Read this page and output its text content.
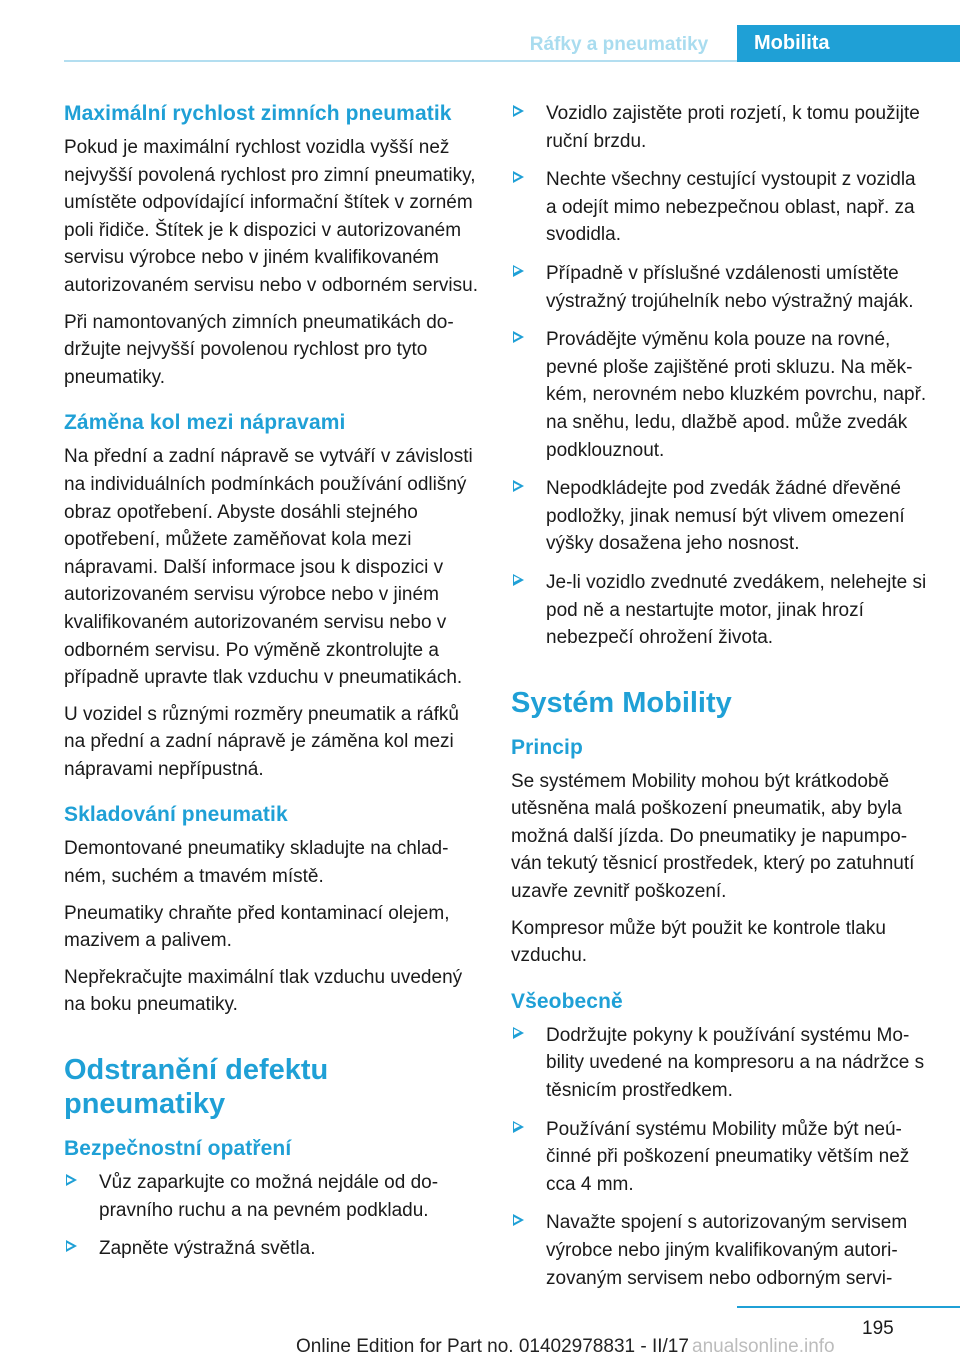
Ráfky a pneumatiky	Mobilita
Maximální rychlost zimních pneumatik

Pokud je maximální rychlost vozidla vyšší než nejvyšší povolená rychlost pro zimní pneumatiky, umístěte odpovídající informační štítek v zorném poli řidiče. Štítek je k dispozici v autorizovaném servisu výrobce nebo v jiném kvalifikovaném autorizovaném servisu nebo v odborném servisu.

Při namontovaných zimních pneumatikách dodržujte nejvyšší povolenou rychlost pro tyto pneumatiky.

Záměna kol mezi nápravami

Na přední a zadní nápravě se vytváří v závislosti na individuálních podmínkách používání odlišný obraz opotřebení. Abyste dosáhli stejného opotřebení, můžete zaměňovat kola mezi nápravami. Další informace jsou k dispozici v autorizovaném servisu výrobce nebo v jiném kvalifikovaném autorizovaném servisu nebo v odborném servisu. Po výměně zkontrolujte a případně upravte tlak vzduchu v pneumatikách.

U vozidel s různými rozměry pneumatik a ráfků na přední a zadní nápravě je záměna kol mezi nápravami nepřípustná.

Skladování pneumatik

Demontované pneumatiky skladujte na chladném, suchém a tmavém místě.

Pneumatiky chraňte před kontaminací olejem, mazivem a palivem.

Nepřekračujte maximální tlak vzduchu uvedený na boku pneumatiky.

Odstranění defektu pneumatiky
Bezpečnostní opatření
Vůz zaparkujte co možná nejdále od dopravního ruchu a na pevném podkladu.
Zapněte výstražná světla.
Vozidlo zajistěte proti rozjetí, k tomu použijte ruční brzdu.
Nechte všechny cestující vystoupit z vozidla a odejít mimo nebezpečnou oblast, např. za svodidla.
Případně v příslušné vzdálenosti umístěte výstražný trojúhelník nebo výstražný maják.
Provádějte výměnu kola pouze na rovné, pevné ploše zajištěné proti skluzu. Na měkkém, nerovném nebo kluzkém povrchu, např. na sněhu, ledu, dlažbě apod. může zvedák podklouznout.
Nepodkládejte pod zvedák žádné dřevěné podložky, jinak nemusí být vlivem omezení výšky dosažena jeho nosnost.
Je-li vozidlo zvednuté zvedákem, nelehejte si pod ně a nestartujte motor, jinak hrozí nebezpečí ohrožení života.
Systém Mobility
Princip

Se systémem Mobility mohou být krátkodobě utěsněna malá poškození pneumatik, aby byla možná další jízda. Do pneumatiky je napumpován tekutý těsnicí prostředek, který po zatuhnutí uzavře zevnitř poškození.

Kompresor může být použit ke kontrole tlaku vzduchu.

Všeobecně
Dodržujte pokyny k používání systému Mobility uvedené na kompresoru a na nádržce s těsnicím prostředkem.
Používání systému Mobility může být neúčinné při poškození pneumatiky větším než cca 4 mm.
Navažte spojení s autorizovaným servisem výrobce nebo jiným kvalifikovaným autorizovaným servisem nebo odborným servi-
195
Online Edition for Part no. 01402978831 - II/17 anualsonline.info
